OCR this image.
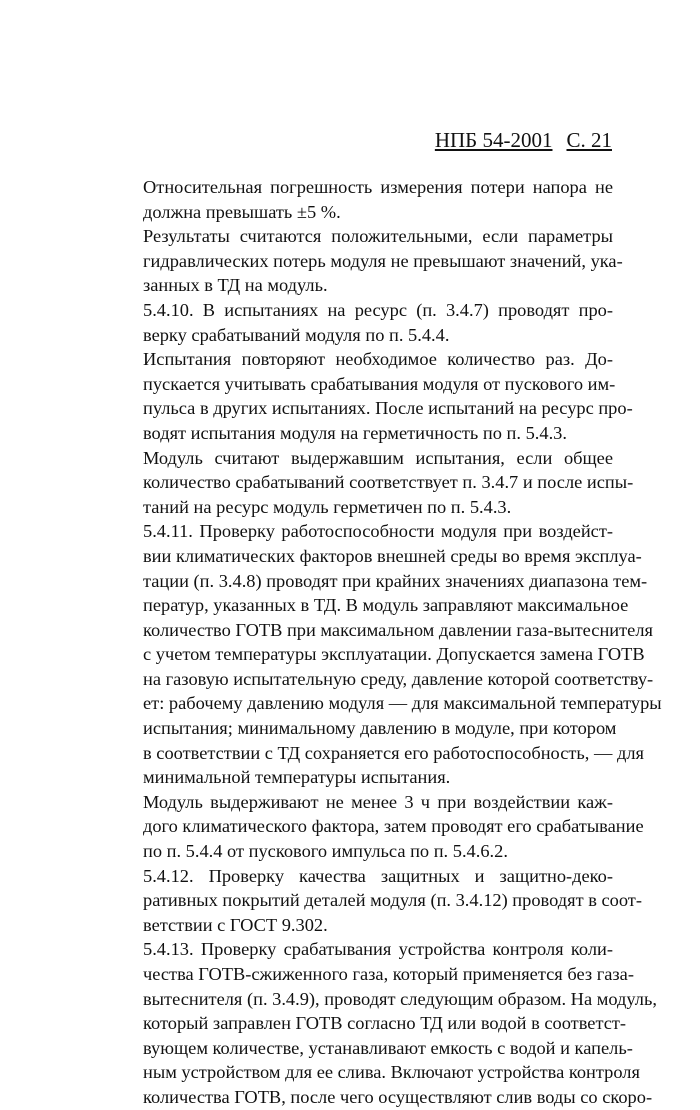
НПБ 54-2001 С. 21

Относительная погрешность измерения потери напора не
должна превышать ±5 %.

Результаты считаются положительными, если параметры
гидравлических потерь модуля не превышают значений, ука-
занных в ТД на модуль.

5.4.10. В испытаниях на ресурс (п. 3.4.7) проводят про-
верку срабатываний модуля по п. 5.4.4.

Испытания повторяют необходимое количество раз. До-
пускается учитывать срабатывания модуля от пускового им-
пульса в других испытаниях. После испытаний на ресурс про-
водят испытания модуля на герметичность по п. 5.4.3.

Модуль считают выдержавшим испытания, если общее
количество срабатываний соответствует п. 3.4.7 и после испы-
таний на ресурс модуль герметичен по п. 5.4.3.

5.4.11. Проверку работоспособности модуля при воздейст-
вии климатических факторов внешней среды во время эксплуа-
тации (п. 3.4.8) проводят при крайних значениях диапазона тем-
ператур, указанных в ТД. В модуль заправляют максимальное
количество ГОТВ при максимальном давлении газа-вытеснителя
с учетом температуры эксплуатации. Допускается замена ГОТВ
на газовую испытательную среду, давление которой соответству-
ет: рабочему давлению модуля — для максимальной температуры
испытания; минимальному давлению в модуле, при котором
в соответствии с ТД сохраняется его работоспособность, — для
минимальной температуры испытания.

Модуль выдерживают не менее 3 ч при воздействии каж-
дого климатического фактора, затем проводят его срабатывание
по п. 5.4.4 от пускового импульса по п. 5.4.6.2.

5.4.12. Проверку качества защитных и защитно-деко-
ративных покрытий деталей модуля (п. 3.4.12) проводят в соот-
ветствии с ГОСТ 9.302.

5.4.13. Проверку срабатывания устройства контроля коли-
чества ГОТВ-сжиженного газа, который применяется без газа-
вытеснителя (п. 3.4.9), проводят следующим образом. На модуль,
который заправлен ГОТВ согласно ТД или водой в соответст-
вующем количестве, устанавливают емкость с водой и капель-
ным устройством для ее слива. Включают устройства контроля
количества ГОТВ, после чего осуществляют слив воды со скоро-
